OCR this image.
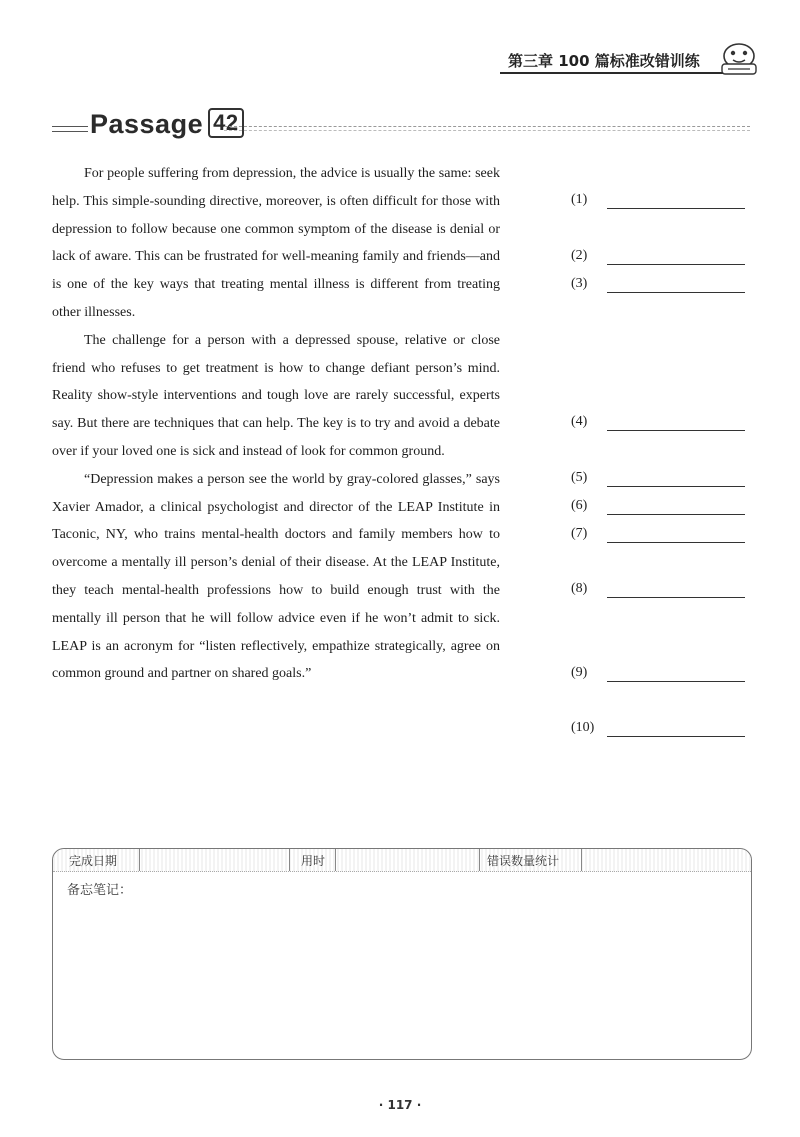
第三章 100 篇标准改错训练
Passage 42

For people suffering from depression, the advice is usually the same: seek help. This simple-sounding directive, moreover, is often difficult for those with depression to follow because one common symptom of the disease is denial or lack of aware. This can be frustrated for well-meaning family and friends—and is one of the key ways that treating mental illness is different from treating other illnesses.

The challenge for a person with a depressed spouse, relative or close friend who refuses to get treatment is how to change defiant person’s mind. Reality show-style interventions and tough love are rarely successful, experts say. But there are techniques that can help. The key is to try and avoid a debate over if your loved one is sick and instead of look for common ground.

“Depression makes a person see the world by gray-colored glasses,” says Xavier Amador, a clinical psychologist and director of the LEAP Institute in Taconic, NY, who trains mental-health doctors and family members how to overcome a mentally ill person’s denial of their disease. At the LEAP Institute, they teach mental-health professions how to build enough trust with the mentally ill person that he will follow advice even if he won’t admit to sick. LEAP is an acronym for “listen reflectively, empathize strategically, agree on common ground and partner on shared goals.”

(1)
(2)
(3)
(4)
(5)
(6)
(7)
(8)
(9)
(10)
完成日期	用时	错误数量统计
备忘笔记：
· 117 ·
